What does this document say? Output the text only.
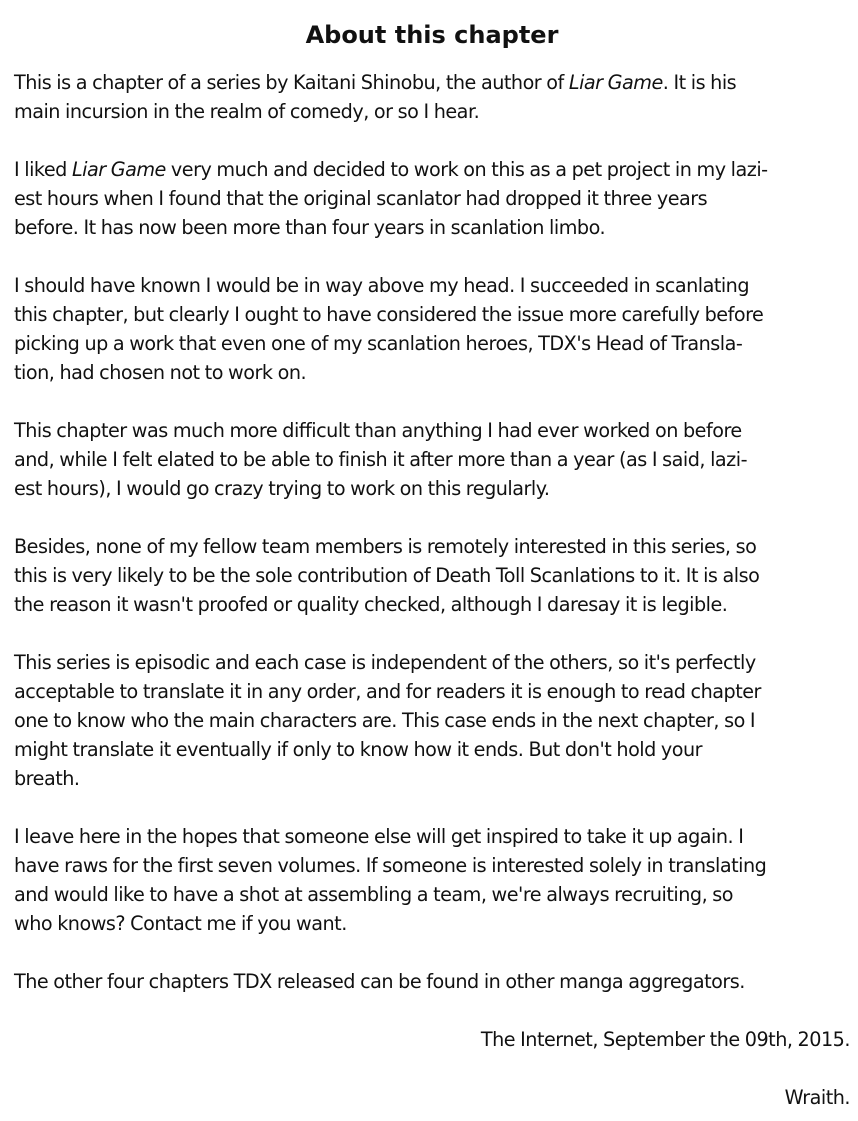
About this chapter

This is a chapter of a series by Kaitani Shinobu, the author of Liar Game. It is his
main incursion in the realm of comedy, or so I hear.

I liked Liar Game very much and decided to work on this as a pet project in my lazi-
est hours when I found that the original scanlator had dropped it three years
before. It has now been more than four years in scanlation limbo.

I should have known I would be in way above my head. I succeeded in scanlating
this chapter, but clearly I ought to have considered the issue more carefully before
picking up a work that even one of my scanlation heroes, TDX's Head of Transla-
tion, had chosen not to work on.

This chapter was much more difficult than anything I had ever worked on before
and, while I felt elated to be able to finish it after more than a year (as I said, lazi-
est hours), I would go crazy trying to work on this regularly.

Besides, none of my fellow team members is remotely interested in this series, so
this is very likely to be the sole contribution of Death Toll Scanlations to it. It is also
the reason it wasn't proofed or quality checked, although I daresay it is legible.

This series is episodic and each case is independent of the others, so it's perfectly
acceptable to translate it in any order, and for readers it is enough to read chapter
one to know who the main characters are. This case ends in the next chapter, so I
might translate it eventually if only to know how it ends. But don't hold your
breath.

I leave here in the hopes that someone else will get inspired to take it up again. I
have raws for the first seven volumes. If someone is interested solely in translating
and would like to have a shot at assembling a team, we're always recruiting, so
who knows? Contact me if you want.

The other four chapters TDX released can be found in other manga aggregators.

The Internet, September the 09th, 2015.

Wraith.
